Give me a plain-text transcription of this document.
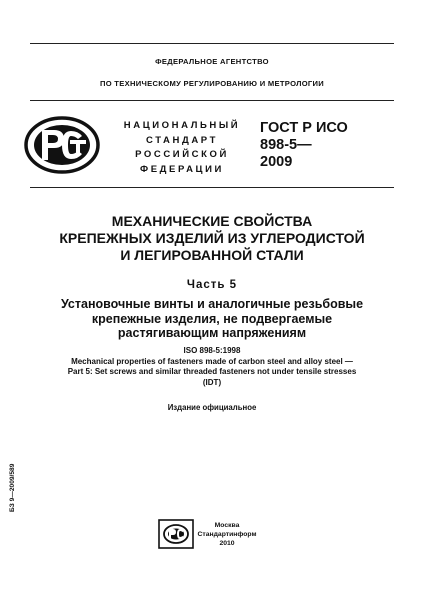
ФЕДЕРАЛЬНОЕ АГЕНТСТВО
ПО ТЕХНИЧЕСКОМУ РЕГУЛИРОВАНИЮ И МЕТРОЛОГИИ
НАЦИОНАЛЬНЫЙ
СТАНДАРТ
РОССИЙСКОЙ
ФЕДЕРАЦИИ
ГОСТ Р ИСО
898-5—
2009
МЕХАНИЧЕСКИЕ СВОЙСТВА
КРЕПЕЖНЫХ ИЗДЕЛИЙ ИЗ УГЛЕРОДИСТОЙ
И ЛЕГИРОВАННОЙ СТАЛИ
Часть 5
Установочные винты и аналогичные резьбовые
крепежные изделия, не подвергаемые
растягивающим напряжениям
ISO 898-5:1998
Mechanical properties of fasteners made of carbon steel and alloy steel —
Part 5: Set screws and similar threaded fasteners not under tensile stresses
(IDT)
Издание официальное
БЗ 9—2009/589
Москва
Стандартинформ
2010
